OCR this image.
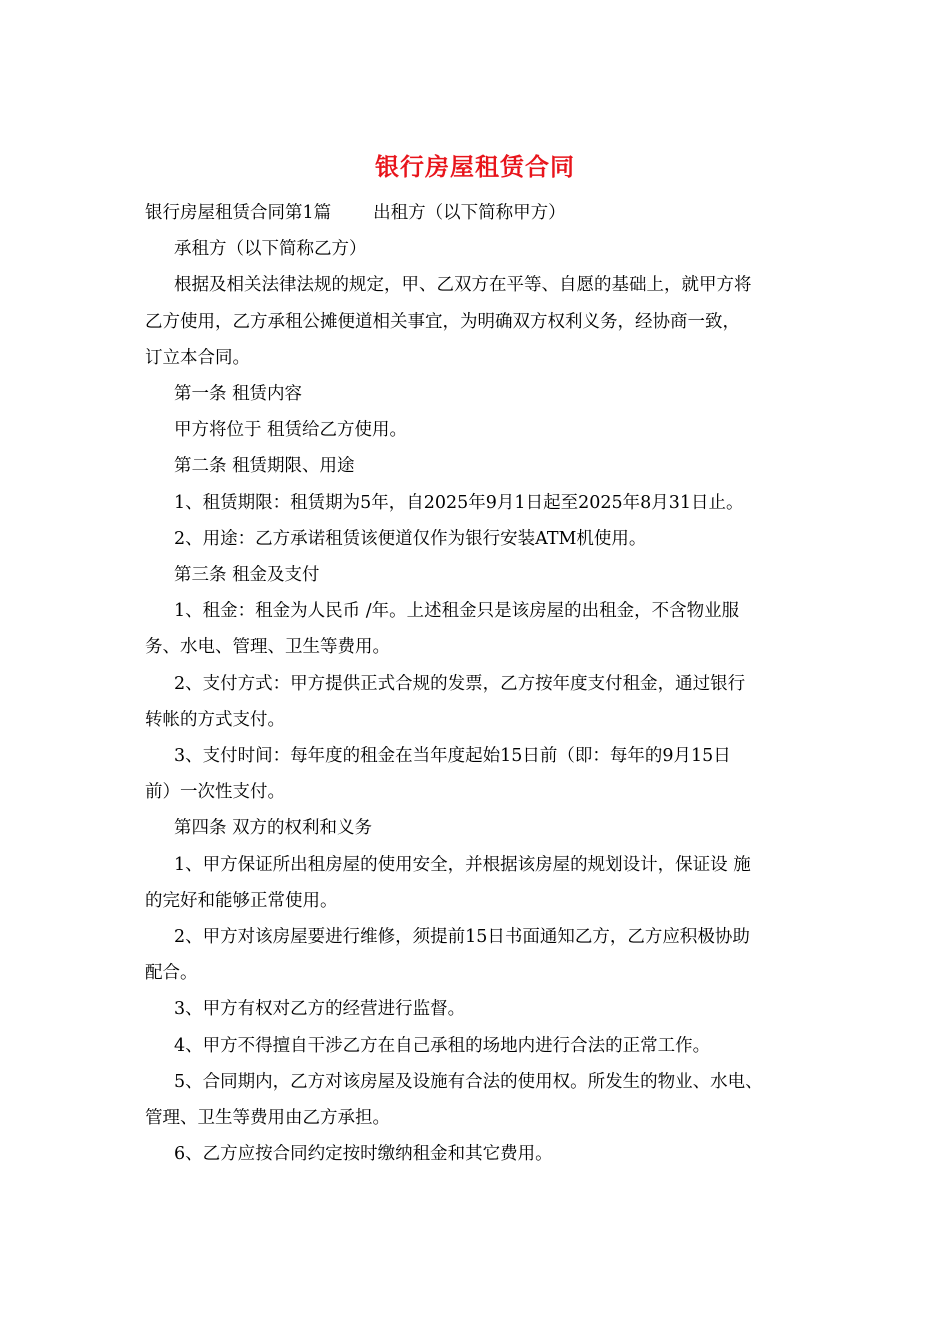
银行房屋租赁合同

银行房屋租赁合同第1篇 出租方（以下简称甲方）

承租方（以下简称乙方）

根据及相关法律法规的规定，甲、乙双方在平等、自愿的基础上，就甲方将

乙方使用，乙方承租公摊便道相关事宜，为明确双方权利义务，经协商一致，

订立本合同。

第一条 租赁内容

甲方将位于 租赁给乙方使用。

第二条 租赁期限、用途

1、租赁期限：租赁期为5年，自2025年9月1日起至2025年8月31日止。

2、用途：乙方承诺租赁该便道仅作为银行安装ATM机使用。

第三条 租金及支付

1、租金：租金为人民币 /年。上述租金只是该房屋的出租金，不含物业服

务、水电、管理、卫生等费用。

2、支付方式：甲方提供正式合规的发票，乙方按年度支付租金，通过银行

转帐的方式支付。

3、支付时间：每年度的租金在当年度起始15日前（即：每年的9月15日

前）一次性支付。

第四条 双方的权利和义务

1、甲方保证所出租房屋的使用安全，并根据该房屋的规划设计，保证设 施

的完好和能够正常使用。

2、甲方对该房屋要进行维修，须提前15日书面通知乙方，乙方应积极协助

配合。

3、甲方有权对乙方的经营进行监督。

4、甲方不得擅自干涉乙方在自己承租的场地内进行合法的正常工作。

5、合同期内，乙方对该房屋及设施有合法的使用权。所发生的物业、水电、

管理、卫生等费用由乙方承担。

6、乙方应按合同约定按时缴纳租金和其它费用。
